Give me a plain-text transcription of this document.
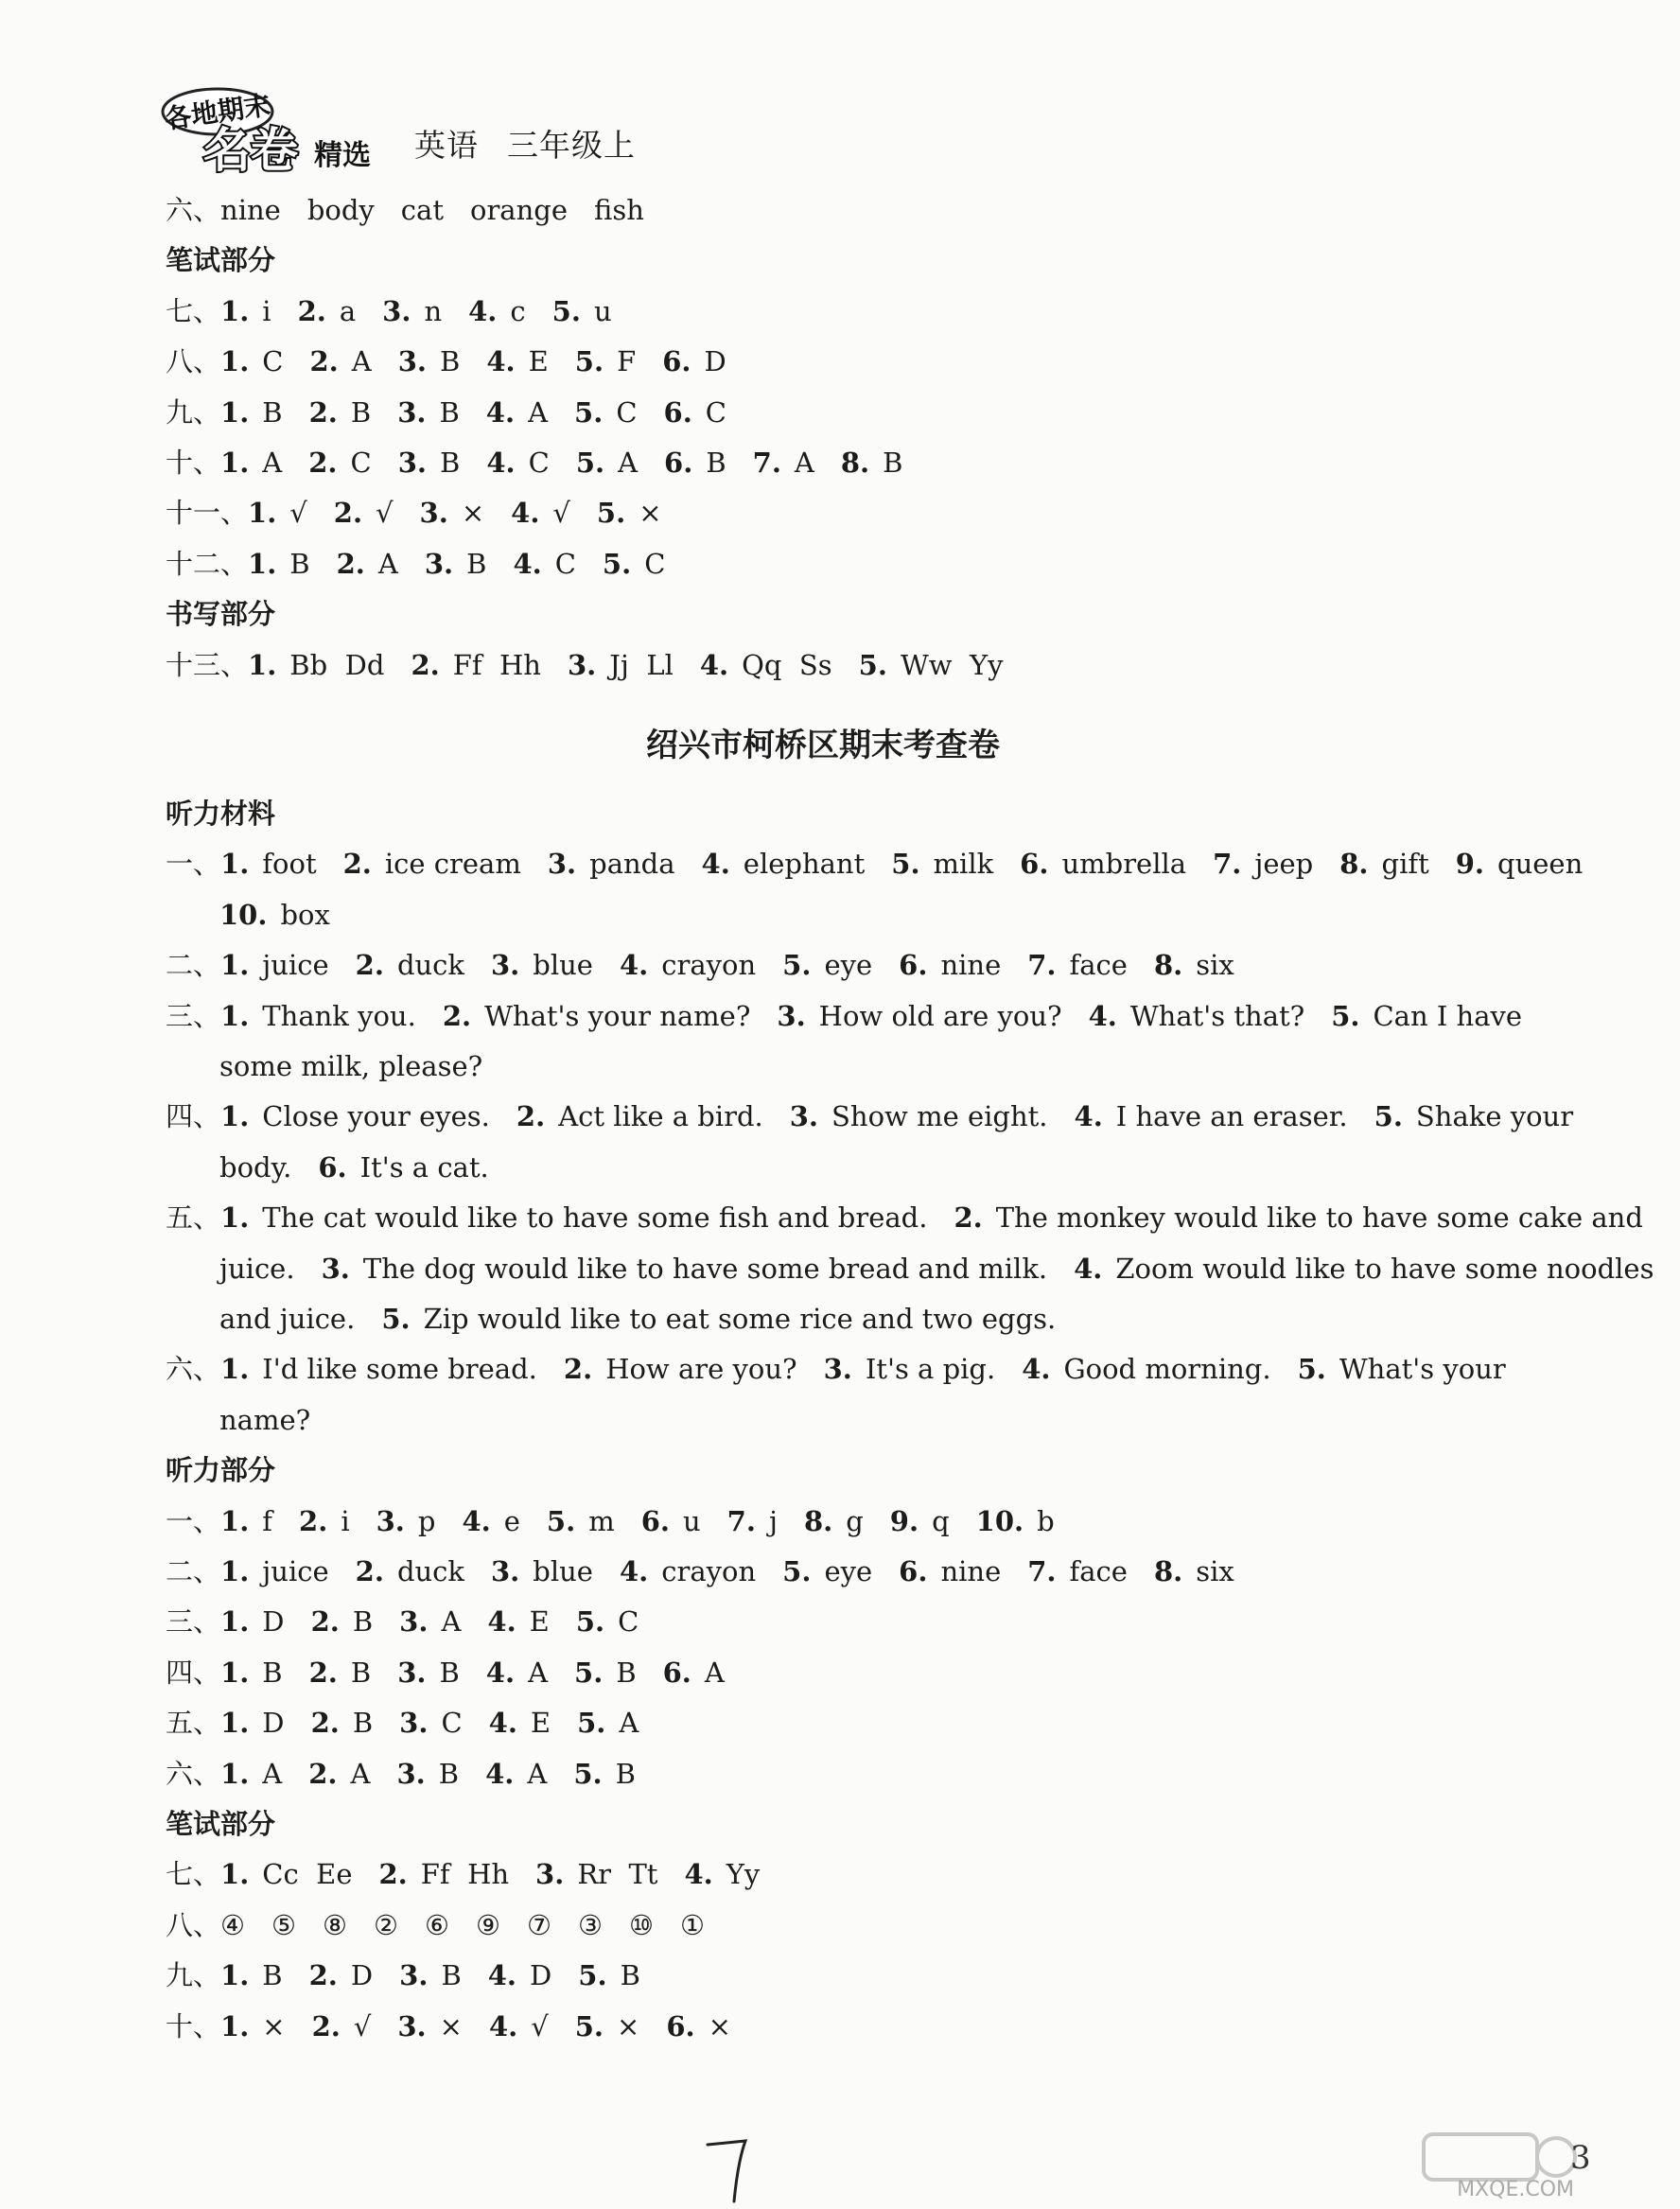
各地期末
名卷 精选 英语 三年级上
六、nine body cat orange fish
笔试部分
七、1. i 2. a 3. n 4. c 5. u
八、1. C 2. A 3. B 4. E 5. F 6. D
九、1. B 2. B 3. B 4. A 5. C 6. C
十、1. A 2. C 3. B 4. C 5. A 6. B 7. A 8. B
十一、1. √ 2. √ 3. × 4. √ 5. ×
十二、1. B 2. A 3. B 4. C 5. C
书写部分
十三、1. Bb  Dd 2. Ff  Hh 3. Jj  Ll 4. Qq  Ss 5. Ww  Yy
绍兴市柯桥区期末考查卷
听力材料
一、1. foot 2. ice cream 3. panda 4. elephant 5. milk 6. umbrella 7. jeep 8. gift 9. queen
10. box
二、1. juice 2. duck 3. blue 4. crayon 5. eye 6. nine 7. face 8. six
三、1. Thank you. 2. What's your name? 3. How old are you? 4. What's that? 5. Can I have
some milk, please?
四、1. Close your eyes. 2. Act like a bird. 3. Show me eight. 4. I have an eraser. 5. Shake your
body. 6. It's a cat.
五、1. The cat would like to have some fish and bread. 2. The monkey would like to have some cake and
juice. 3. The dog would like to have some bread and milk. 4. Zoom would like to have some noodles
and juice. 5. Zip would like to eat some rice and two eggs.
六、1. I'd like some bread. 2. How are you? 3. It's a pig. 4. Good morning. 5. What's your
name?
听力部分
一、1. f 2. i 3. p 4. e 5. m 6. u 7. j 8. g 9. q 10. b
二、1. juice 2. duck 3. blue 4. crayon 5. eye 6. nine 7. face 8. six
三、1. D 2. B 3. A 4. E 5. C
四、1. B 2. B 3. B 4. A 5. B 6. A
五、1. D 2. B 3. C 4. E 5. A
六、1. A 2. A 3. B 4. A 5. B
笔试部分
七、1. Cc  Ee 2. Ff  Hh 3. Rr  Tt 4. Yy
八、④ ⑤ ⑧ ② ⑥ ⑨ ⑦ ③ ⑩ ①
九、1. B 2. D 3. B 4. D 5. B
十、1. × 2. √ 3. × 4. √ 5. × 6. ×
3
MXQE.COM
